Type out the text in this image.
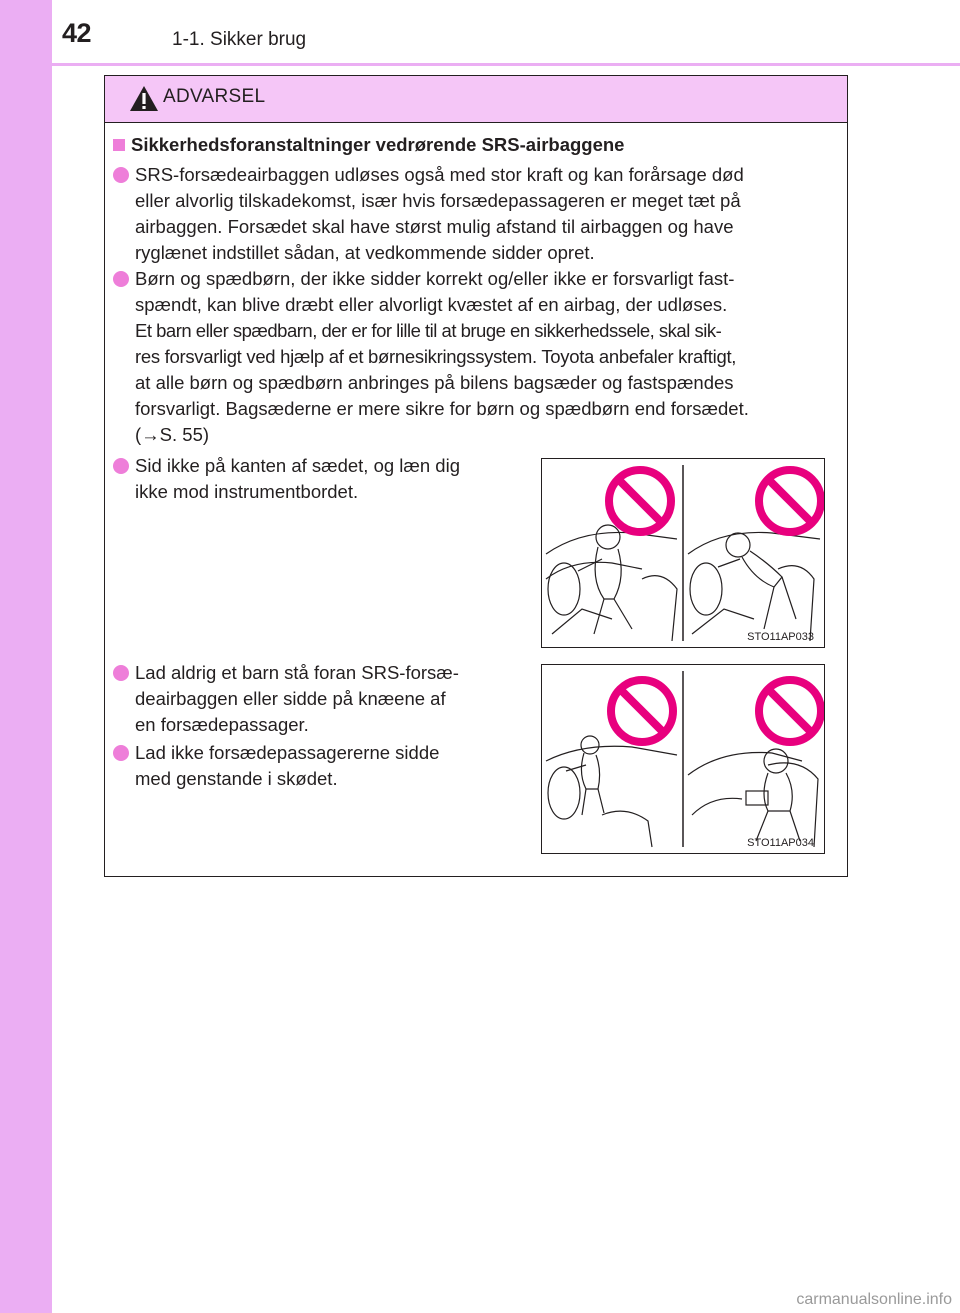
42	1-1. Sikker brug
ADVARSEL
Sikkerhedsforanstaltninger vedrørende SRS-airbaggene
SRS-forsædeairbaggen udløses også med stor kraft og kan forårsage død
eller alvorlig tilskadekomst, især hvis forsædepassageren er meget tæt på
airbaggen. Forsædet skal have størst mulig afstand til airbaggen og have
ryglænet indstillet sådan, at vedkommende sidder opret.
Børn og spædbørn, der ikke sidder korrekt og/eller ikke er forsvarligt fast-
spændt, kan blive dræbt eller alvorligt kvæstet af en airbag, der udløses.
Et barn eller spædbarn, der er for lille til at bruge en sikkerhedssele, skal sik-
res forsvarligt ved hjælp af et børnesikringssystem. Toyota anbefaler kraftigt,
at alle børn og spædbørn anbringes på bilens bagsæder og fastspændes
forsvarligt. Bagsæderne er mere sikre for børn og spædbørn end forsædet.
(→S. 55)
Sid ikke på kanten af sædet, og læn dig
ikke mod instrumentbordet.
Lad aldrig et barn stå foran SRS-forsæ-
deairbaggen eller sidde på knæene af
en forsædepassager.
Lad ikke forsædepassagererne sidde
med genstande i skødet.
STO11AP033
STO11AP034
carmanualsonline.info
